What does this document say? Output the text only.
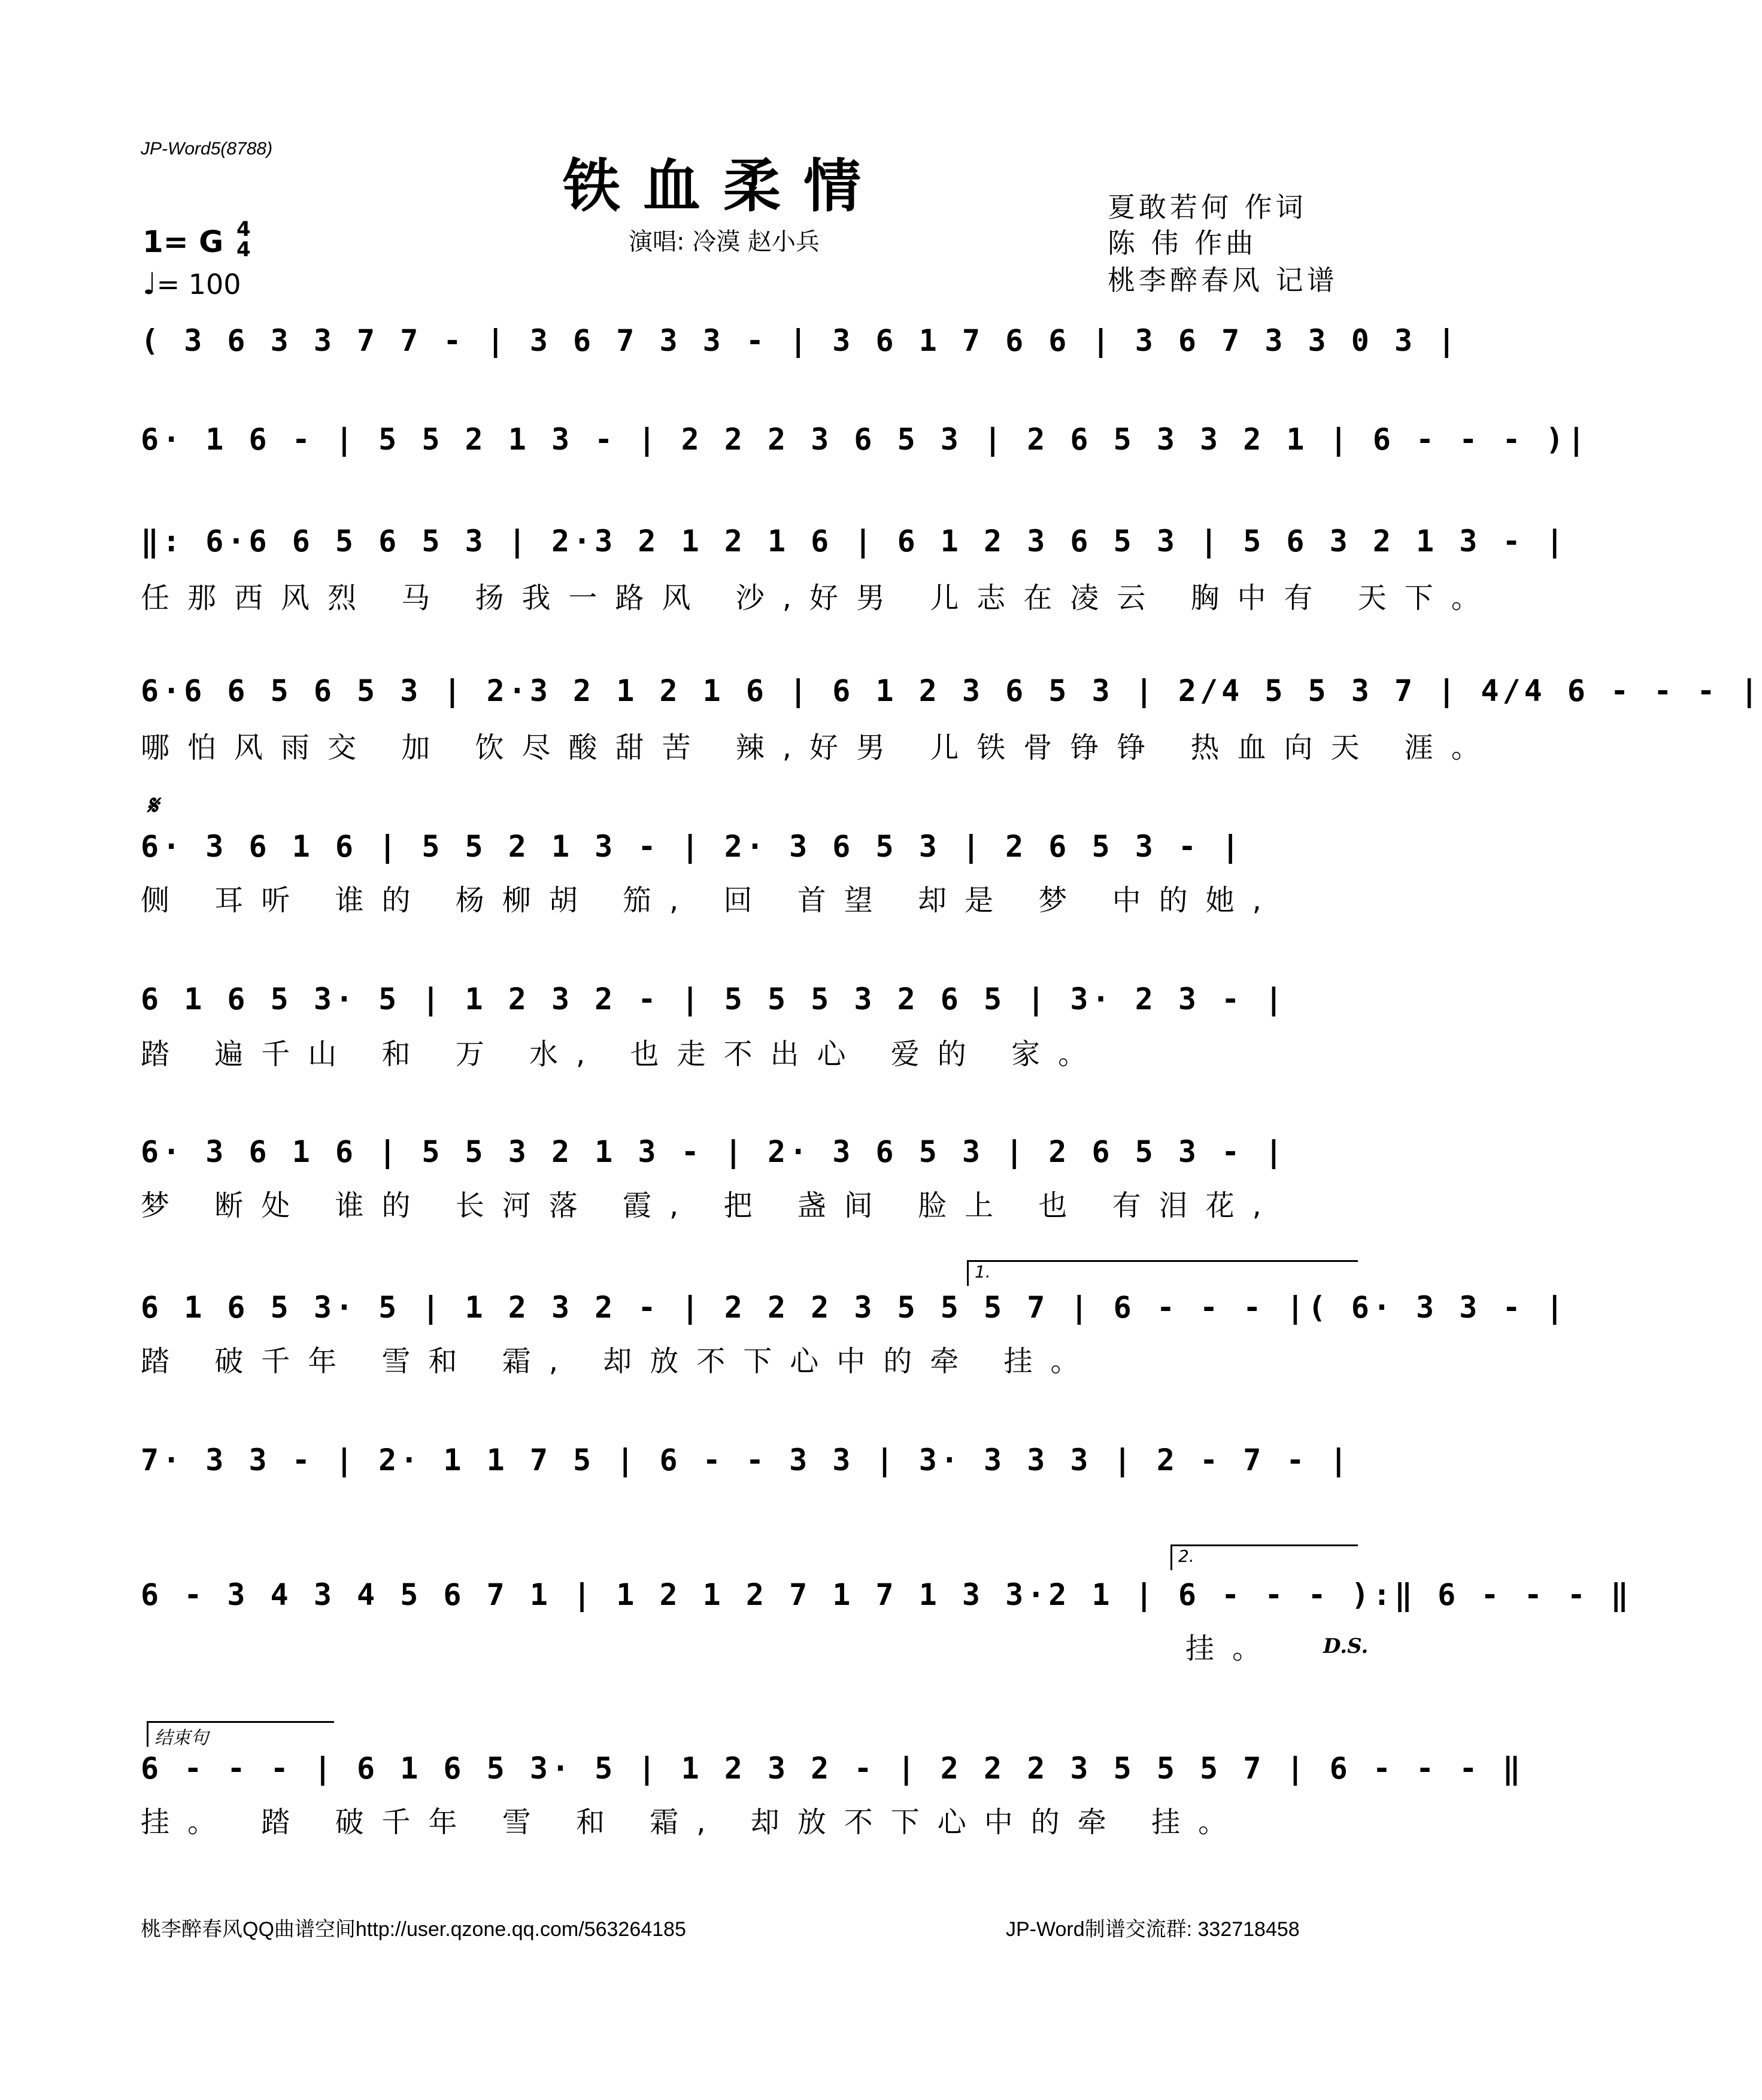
JP-Word5(8788)
铁血柔情
演唱: 冷漠 赵小兵
夏敢若何 作词
陈 伟 作曲
桃李醉春风 记谱
1= G 4
4
♩= 100
( 3 6 3 3 7 7 - | 3 6 7 3 3 - | 3 6 1 7 6 6 | 3 6 7 3 3 0 3 |
6· 1 6 - | 5 5 2 1 3 - | 2 2 2 3 6 5 3 | 2 6 5 3 3 2 1 | 6 - - - )|
‖: 6·6 6 5 6 5 3 | 2·3 2 1 2 1 6 | 6 1 2 3 6 5 3 | 5 6 3 2 1 3 - |
任那西风烈 马 扬我一路风 沙,好男 儿志在凌云 胸中有 天下。
6·6 6 5 6 5 3 | 2·3 2 1 2 1 6 | 6 1 2 3 6 5 3 | 2/4 5 5 3 7 | 4/4 6 - - - |
哪怕风雨交 加 饮尽酸甜苦 辣,好男 儿铁骨铮铮 热血向天 涯。
𝄋
6· 3 6 1 6 | 5 5 2 1 3 - | 2· 3 6 5 3 | 2 6 5 3 - |
侧 耳听 谁的 杨柳胡 笳, 回 首望 却是 梦 中的她,
6 1 6 5 3· 5 | 1 2 3 2 - | 5 5 5 3 2 6 5 | 3· 2 3 - |
踏 遍千山 和 万 水, 也走不出心 爱的 家。
6· 3 6 1 6 | 5 5 3 2 1 3 - | 2· 3 6 5 3 | 2 6 5 3 - |
梦 断处 谁的 长河落 霞, 把 盏间 脸上 也 有泪花,
1.
6 1 6 5 3· 5 | 1 2 3 2 - | 2 2 2 3 5 5 5 7 | 6 - - - |( 6· 3 3 - |
踏 破千年 雪和 霜, 却放不下心中的牵 挂。
7· 3 3 - | 2· 1 1 7 5 | 6 - - 3 3 | 3· 3 3 3 | 2 - 7 - |
2.
6 - 3 4 3 4 5 6 7 1 | 1 2 1 2 7 1 7 1 3 3·2 1 | 6 - - - ):‖ 6 - - - ‖
挂。	D.S.
结束句
6 - - - | 6 1 6 5 3· 5 | 1 2 3 2 - | 2 2 2 3 5 5 5 7 | 6 - - - ‖
挂。 踏 破千年 雪 和 霜, 却放不下心中的牵 挂。
桃李醉春风QQ曲谱空间http://user.qzone.qq.com/563264185	JP-Word制谱交流群: 332718458
